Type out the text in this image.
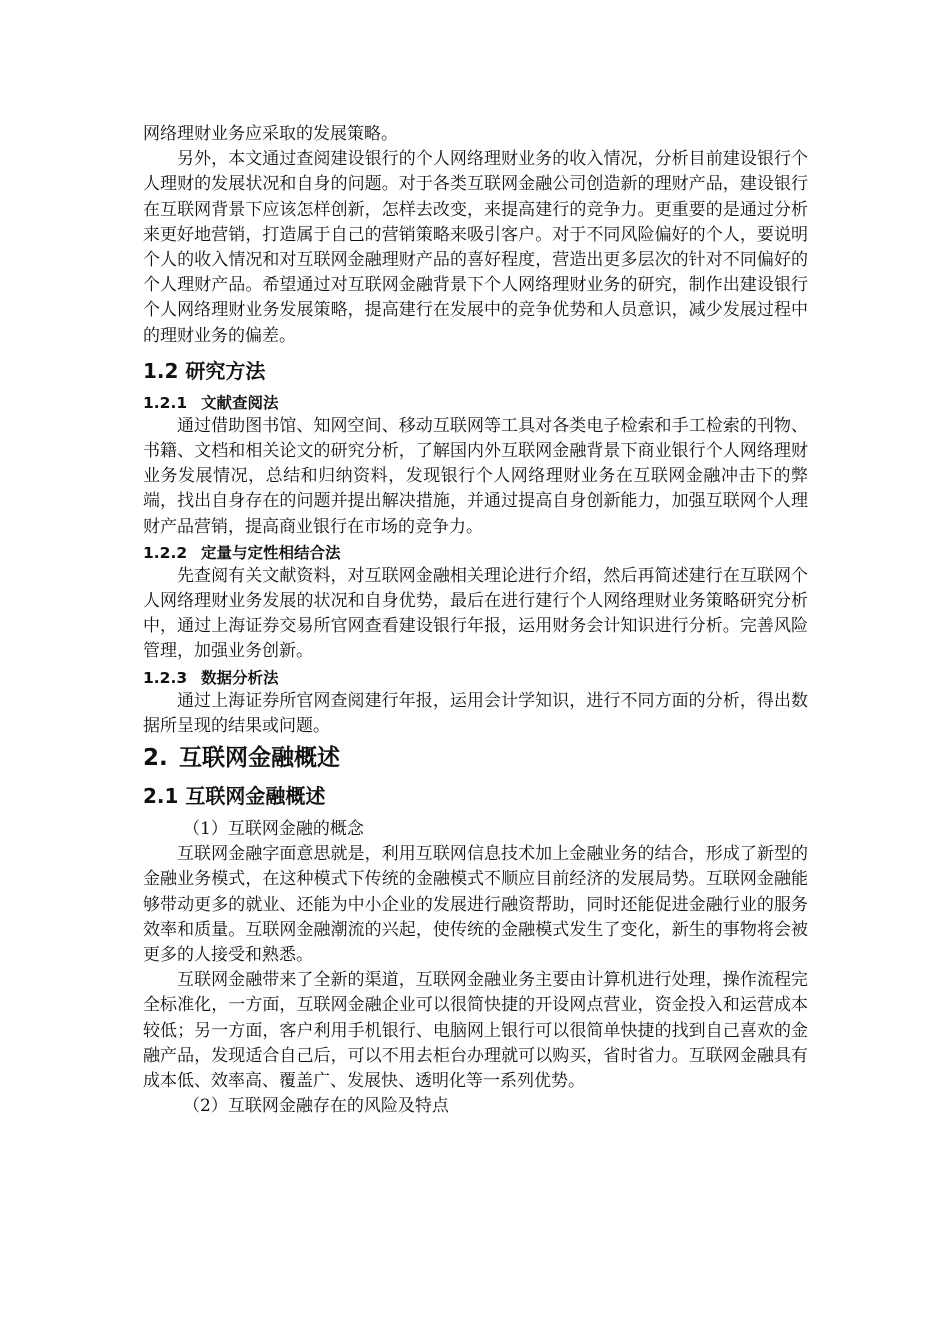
网络理财业务应采取的发展策略。

另外，本文通过查阅建设银行的个人网络理财业务的收入情况，分析目前建设银行个人理财的发展状况和自身的问题。对于各类互联网金融公司创造新的理财产品，建设银行在互联网背景下应该怎样创新，怎样去改变，来提高建行的竞争力。更重要的是通过分析来更好地营销，打造属于自己的营销策略来吸引客户。对于不同风险偏好的个人，要说明个人的收入情况和对互联网金融理财产品的喜好程度，营造出更多层次的针对不同偏好的个人理财产品。希望通过对互联网金融背景下个人网络理财业务的研究，制作出建设银行个人网络理财业务发展策略，提高建行在发展中的竞争优势和人员意识，减少发展过程中的理财业务的偏差。

1.2 研究方法
1.2.1 文献查阅法

通过借助图书馆、知网空间、移动互联网等工具对各类电子检索和手工检索的刊物、书籍、文档和相关论文的研究分析，了解国内外互联网金融背景下商业银行个人网络理财业务发展情况，总结和归纳资料，发现银行个人网络理财业务在互联网金融冲击下的弊端，找出自身存在的问题并提出解决措施，并通过提高自身创新能力，加强互联网个人理财产品营销，提高商业银行在市场的竞争力。

1.2.2 定量与定性相结合法

先查阅有关文献资料，对互联网金融相关理论进行介绍，然后再简述建行在互联网个人网络理财业务发展的状况和自身优势，最后在进行建行个人网络理财业务策略研究分析中，通过上海证券交易所官网查看建设银行年报，运用财务会计知识进行分析。完善风险管理，加强业务创新。

1.2.3 数据分析法

通过上海证券所官网查阅建行年报，运用会计学知识，进行不同方面的分析，得出数据所呈现的结果或问题。

2. 互联网金融概述
2.1 互联网金融概述

（1）互联网金融的概念

互联网金融字面意思就是，利用互联网信息技术加上金融业务的结合，形成了新型的金融业务模式，在这种模式下传统的金融模式不顺应目前经济的发展局势。互联网金融能够带动更多的就业、还能为中小企业的发展进行融资帮助，同时还能促进金融行业的服务效率和质量。互联网金融潮流的兴起，使传统的金融模式发生了变化，新生的事物将会被更多的人接受和熟悉。

互联网金融带来了全新的渠道，互联网金融业务主要由计算机进行处理，操作流程完全标准化，一方面，互联网金融企业可以很简快捷的开设网点营业，资金投入和运营成本较低；另一方面，客户利用手机银行、电脑网上银行可以很简单快捷的找到自己喜欢的金融产品，发现适合自己后，可以不用去柜台办理就可以购买，省时省力。互联网金融具有成本低、效率高、覆盖广、发展快、透明化等一系列优势。

（2）互联网金融存在的风险及特点
